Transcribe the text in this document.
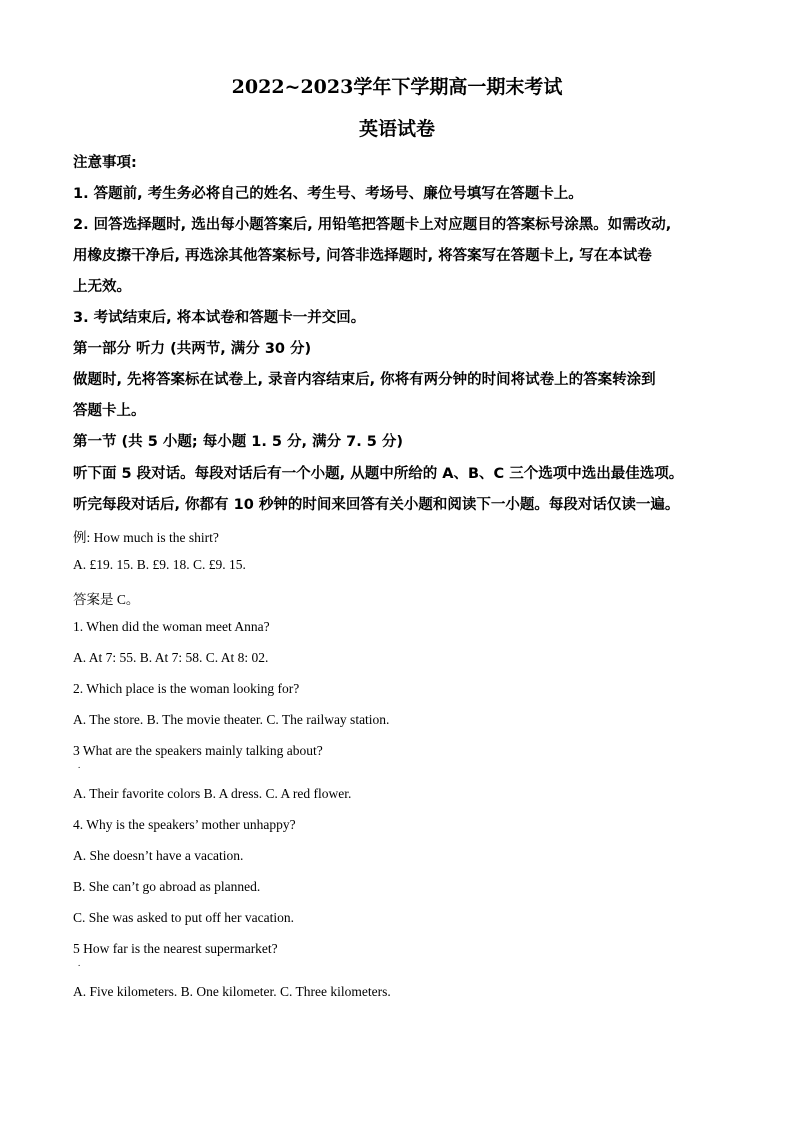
2022~2023学年下学期高一期末考试
英语试卷
注意事項:
1. 答题前, 考生务必将自己的姓名、考生号、考场号、廉位号填写在答题卡上。
2. 回答选择题时, 选出每小题答案后, 用铅笔把答题卡上对应题目的答案标号涂黑。如需改动,
用橡皮擦干净后, 再选涂其他答案标号, 问答非选择题时, 将答案写在答题卡上, 写在本试卷
上无效。
3. 考试结束后, 将本试卷和答题卡一并交回。
第一部分 听力 (共两节, 满分 30 分)
做题时, 先将答案标在试卷上, 录音内容结束后, 你将有两分钟的时间将试卷上的答案转涂到
答题卡上。
第一节 (共 5 小题; 每小题 1. 5 分, 满分 7. 5 分)
听下面 5 段对话。每段对话后有一个小题, 从题中所给的 A、B、C 三个选项中选出最佳选项。
听完每段对话后, 你都有 10 秒钟的时间来回答有关小题和阅读下一小题。每段对话仅读一遍。
例: How much is the shirt?
A. £19. 15. B. £9. 18. C. £9. 15.
答案是 C。
1. When did the woman meet Anna?
A. At 7: 55. B. At 7: 58. C. At 8: 02.
2. Which place is the woman looking for?
A. The store. B. The movie theater. C. The railway station.
3 What are the speakers mainly talking about?
.
A. Their favorite colors B. A dress. C. A red flower.
4. Why is the speakers’ mother unhappy?
A. She doesn’t have a vacation.
B. She can’t go abroad as planned.
C. She was asked to put off her vacation.
5 How far is the nearest supermarket?
.
A. Five kilometers. B. One kilometer. C. Three kilometers.
